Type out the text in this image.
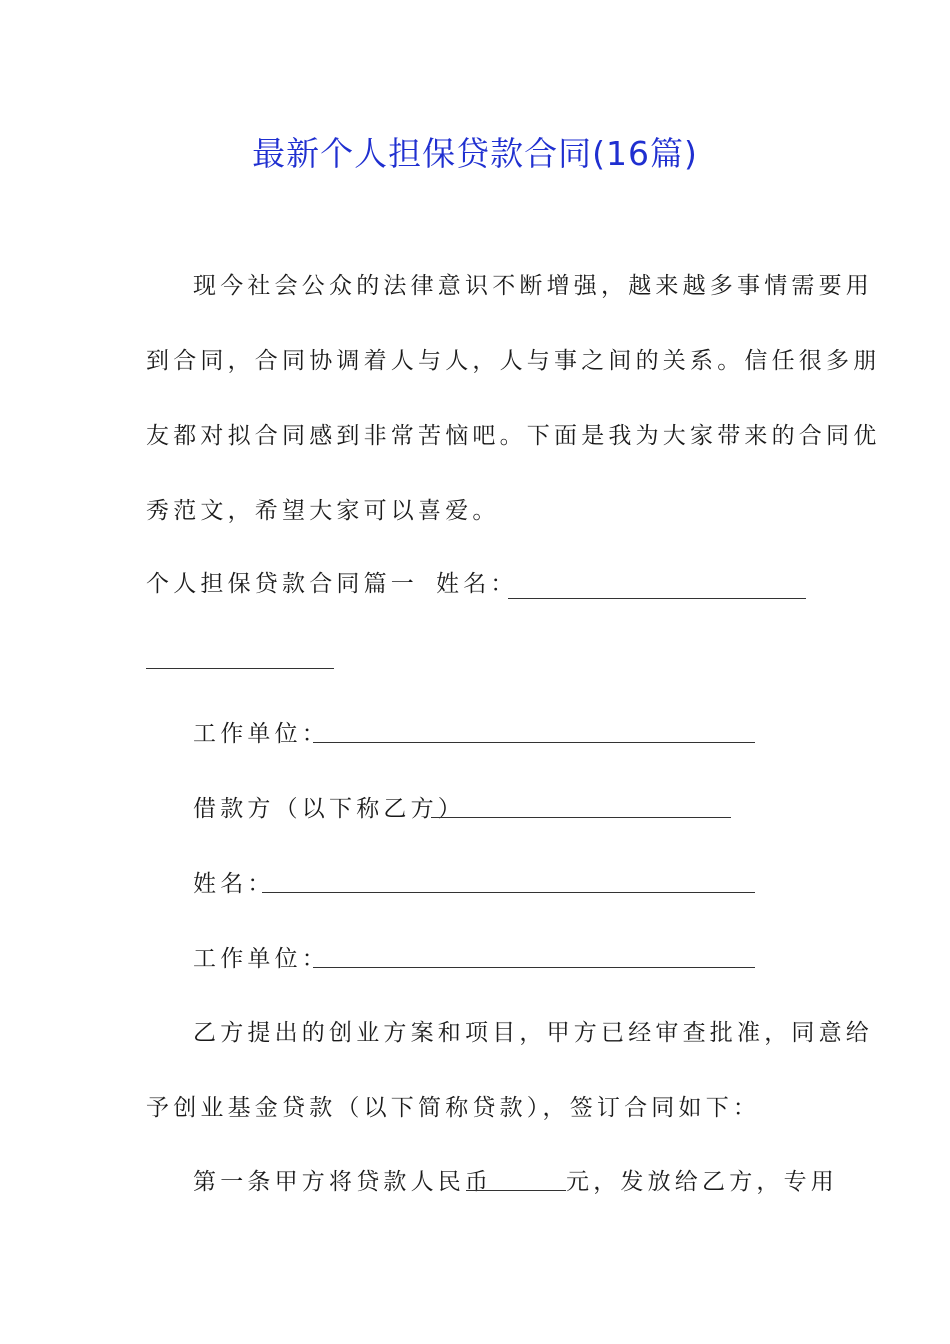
最新个人担保贷款合同(16篇)
现今社会公众的法律意识不断增强，越来越多事情需要用
到合同，合同协调着人与人，人与事之间的关系。信任很多朋
友都对拟合同感到非常苦恼吧。下面是我为大家带来的合同优
秀范文，希望大家可以喜爱。
个人担保贷款合同篇一 姓名：
工作单位：
借款方（以下称乙方）
姓名：
工作单位：
乙方提出的创业方案和项目，甲方已经审查批准，同意给
予创业基金贷款（以下简称贷款），签订合同如下：
第一条甲方将贷款人民币	元，发放给乙方，专用
